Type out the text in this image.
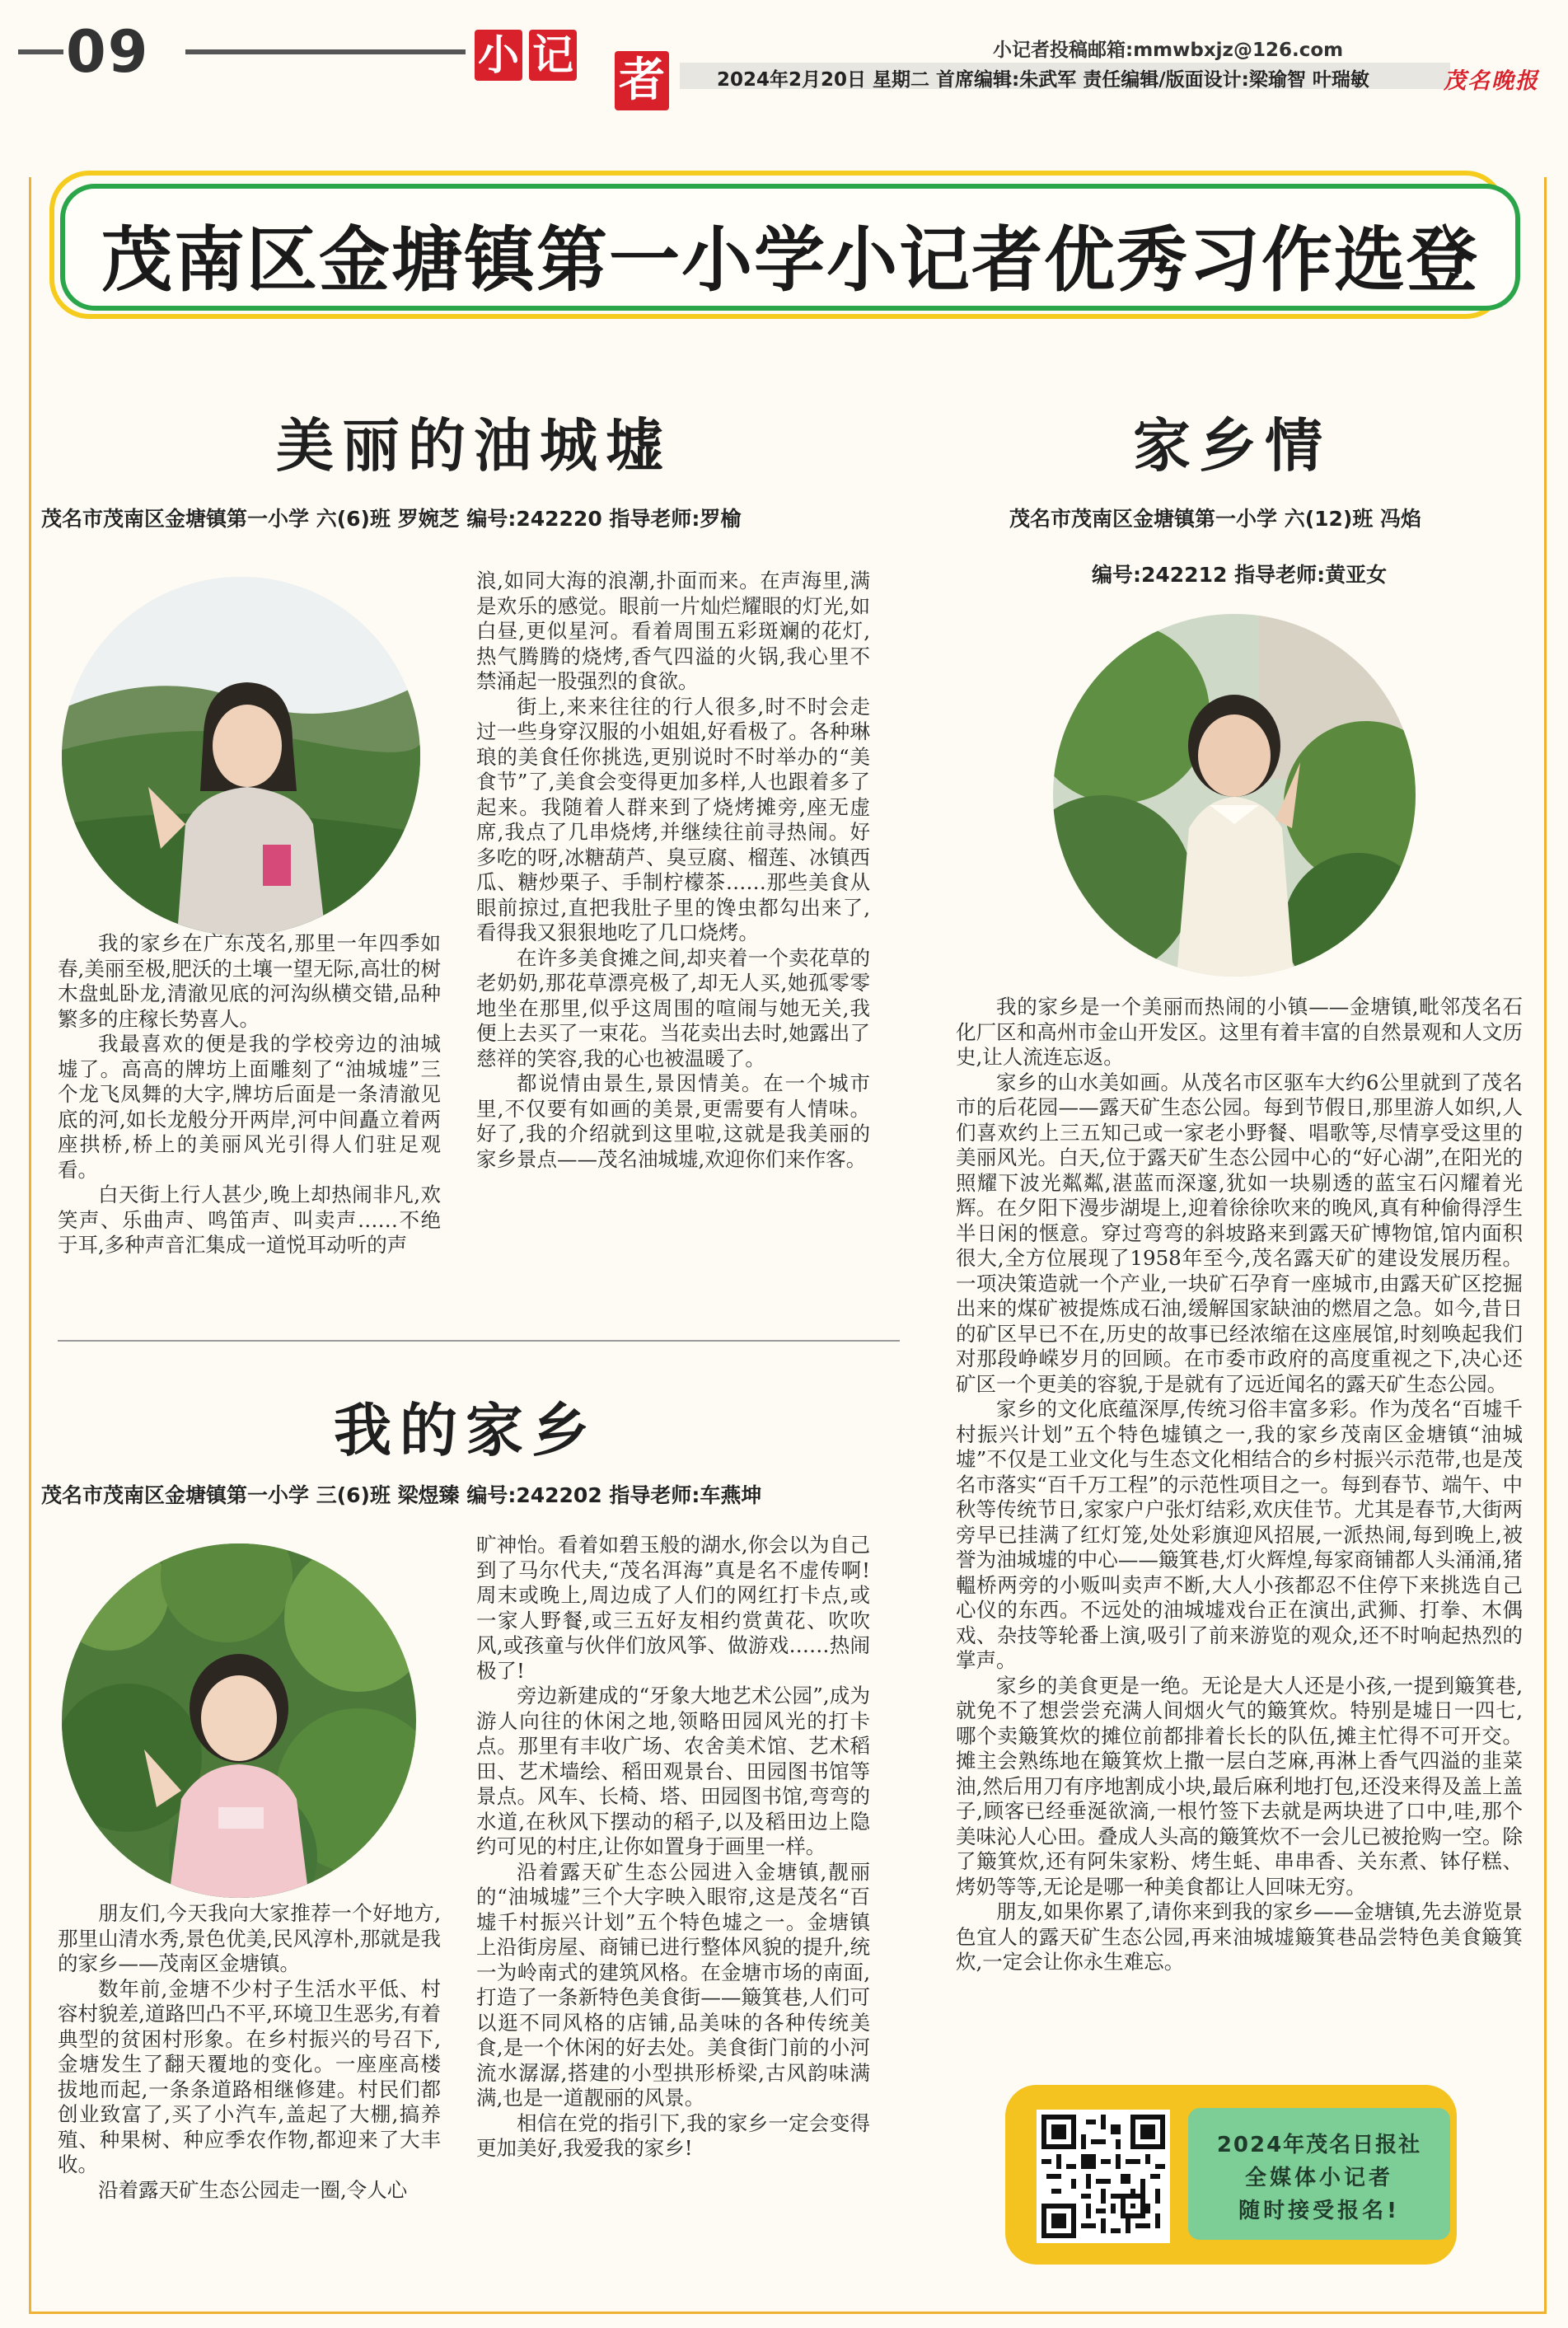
09	小 记 者
小记者投稿邮箱:mmwbxjz@126.com
2024年2月20日 星期二 首席编辑:朱武军 责任编辑/版面设计:梁瑜智 叶瑞敏	茂名晚报
茂南区金塘镇第一小学小记者优秀习作选登
美丽的油城墟
茂名市茂南区金塘镇第一小学 六(6)班 罗婉芝 编号:242220 指导老师:罗榆

我的家乡在广东茂名,那里一年四季如春,美丽至极,肥沃的土壤一望无际,高壮的树木盘虬卧龙,清澈见底的河沟纵横交错,品种繁多的庄稼长势喜人。

我最喜欢的便是我的学校旁边的油城墟了。高高的牌坊上面雕刻了“油城墟”三个龙飞凤舞的大字,牌坊后面是一条清澈见底的河,如长龙般分开两岸,河中间矗立着两座拱桥,桥上的美丽风光引得人们驻足观看。

白天街上行人甚少,晚上却热闹非凡,欢笑声、乐曲声、鸣笛声、叫卖声……不绝于耳,多种声音汇集成一道悦耳动听的声

浪,如同大海的浪潮,扑面而来。在声海里,满是欢乐的感觉。眼前一片灿烂耀眼的灯光,如白昼,更似星河。看着周围五彩斑斓的花灯,热气腾腾的烧烤,香气四溢的火锅,我心里不禁涌起一股强烈的食欲。

街上,来来往往的行人很多,时不时会走过一些身穿汉服的小姐姐,好看极了。各种琳琅的美食任你挑选,更别说时不时举办的“美食节”了,美食会变得更加多样,人也跟着多了起来。我随着人群来到了烧烤摊旁,座无虚席,我点了几串烧烤,并继续往前寻热闹。好多吃的呀,冰糖葫芦、臭豆腐、榴莲、冰镇西瓜、糖炒栗子、手制柠檬茶……那些美食从眼前掠过,直把我肚子里的馋虫都勾出来了,看得我又狠狠地吃了几口烧烤。

在许多美食摊之间,却夹着一个卖花草的老奶奶,那花草漂亮极了,却无人买,她孤零零地坐在那里,似乎这周围的喧闹与她无关,我便上去买了一束花。当花卖出去时,她露出了慈祥的笑容,我的心也被温暖了。

都说情由景生,景因情美。在一个城市里,不仅要有如画的美景,更需要有人情味。好了,我的介绍就到这里啦,这就是我美丽的家乡景点——茂名油城墟,欢迎你们来作客。

我的家乡
茂名市茂南区金塘镇第一小学 三(6)班 梁煜臻 编号:242202 指导老师:车燕坤

朋友们,今天我向大家推荐一个好地方,那里山清水秀,景色优美,民风淳朴,那就是我的家乡——茂南区金塘镇。

数年前,金塘不少村子生活水平低、村容村貌差,道路凹凸不平,环境卫生恶劣,有着典型的贫困村形象。在乡村振兴的号召下,金塘发生了翻天覆地的变化。一座座高楼拔地而起,一条条道路相继修建。村民们都创业致富了,买了小汽车,盖起了大棚,搞养殖、种果树、种应季农作物,都迎来了大丰收。

沿着露天矿生态公园走一圈,令人心

旷神怡。看着如碧玉般的湖水,你会以为自己到了马尔代夫,“茂名洱海”真是名不虚传啊!周末或晚上,周边成了人们的网红打卡点,或一家人野餐,或三五好友相约赏黄花、吹吹风,或孩童与伙伴们放风筝、做游戏……热闹极了!

旁边新建成的“牙象大地艺术公园”,成为游人向往的休闲之地,领略田园风光的打卡点。那里有丰收广场、农舍美术馆、艺术稻田、艺术墙绘、稻田观景台、田园图书馆等景点。风车、长椅、塔、田园图书馆,弯弯的水道,在秋风下摆动的稻子,以及稻田边上隐约可见的村庄,让你如置身于画里一样。

沿着露天矿生态公园进入金塘镇,靓丽的“油城墟”三个大字映入眼帘,这是茂名“百墟千村振兴计划”五个特色墟之一。金塘镇上沿街房屋、商铺已进行整体风貌的提升,统一为岭南式的建筑风格。在金塘市场的南面,打造了一条新特色美食街——簸箕巷,人们可以逛不同风格的店铺,品美味的各种传统美食,是一个休闲的好去处。美食街门前的小河流水潺潺,搭建的小型拱形桥梁,古风韵味满满,也是一道靓丽的风景。

相信在党的指引下,我的家乡一定会变得更加美好,我爱我的家乡!

家乡情
茂名市茂南区金塘镇第一小学 六(12)班 冯焰
编号:242212 指导老师:黄亚女

我的家乡是一个美丽而热闹的小镇——金塘镇,毗邻茂名石化厂区和高州市金山开发区。这里有着丰富的自然景观和人文历史,让人流连忘返。

家乡的山水美如画。从茂名市区驱车大约6公里就到了茂名市的后花园——露天矿生态公园。每到节假日,那里游人如织,人们喜欢约上三五知己或一家老小野餐、唱歌等,尽情享受这里的美丽风光。白天,位于露天矿生态公园中心的“好心湖”,在阳光的照耀下波光粼粼,湛蓝而深邃,犹如一块剔透的蓝宝石闪耀着光辉。在夕阳下漫步湖堤上,迎着徐徐吹来的晚风,真有种偷得浮生半日闲的惬意。穿过弯弯的斜坡路来到露天矿博物馆,馆内面积很大,全方位展现了1958年至今,茂名露天矿的建设发展历程。一项决策造就一个产业,一块矿石孕育一座城市,由露天矿区挖掘出来的煤矿被提炼成石油,缓解国家缺油的燃眉之急。如今,昔日的矿区早已不在,历史的故事已经浓缩在这座展馆,时刻唤起我们对那段峥嵘岁月的回顾。在市委市政府的高度重视之下,决心还矿区一个更美的容貌,于是就有了远近闻名的露天矿生态公园。

家乡的文化底蕴深厚,传统习俗丰富多彩。作为茂名“百墟千村振兴计划”五个特色墟镇之一,我的家乡茂南区金塘镇“油城墟”不仅是工业文化与生态文化相结合的乡村振兴示范带,也是茂名市落实“百千万工程”的示范性项目之一。每到春节、端午、中秋等传统节日,家家户户张灯结彩,欢庆佳节。尤其是春节,大街两旁早已挂满了红灯笼,处处彩旗迎风招展,一派热闹,每到晚上,被誉为油城墟的中心——簸箕巷,灯火辉煌,每家商铺都人头涌涌,猪轀桥两旁的小贩叫卖声不断,大人小孩都忍不住停下来挑选自己心仪的东西。不远处的油城墟戏台正在演出,武狮、打拳、木偶戏、杂技等轮番上演,吸引了前来游览的观众,还不时响起热烈的掌声。

家乡的美食更是一绝。无论是大人还是小孩,一提到簸箕巷,就免不了想尝尝充满人间烟火气的簸箕炊。特别是墟日一四七,哪个卖簸箕炊的摊位前都排着长长的队伍,摊主忙得不可开交。摊主会熟练地在簸箕炊上撒一层白芝麻,再淋上香气四溢的韭菜油,然后用刀有序地割成小块,最后麻利地打包,还没来得及盖上盖子,顾客已经垂涎欲滴,一根竹签下去就是两块进了口中,哇,那个美味沁人心田。叠成人头高的簸箕炊不一会儿已被抢购一空。除了簸箕炊,还有阿朱家粉、烤生蚝、串串香、关东煮、钵仔糕、烤奶等等,无论是哪一种美食都让人回味无穷。

朋友,如果你累了,请你来到我的家乡——金塘镇,先去游览景色宜人的露天矿生态公园,再来油城墟簸箕巷品尝特色美食簸箕炊,一定会让你永生难忘。

2024年茂名日报社
全媒体小记者
随时接受报名!
